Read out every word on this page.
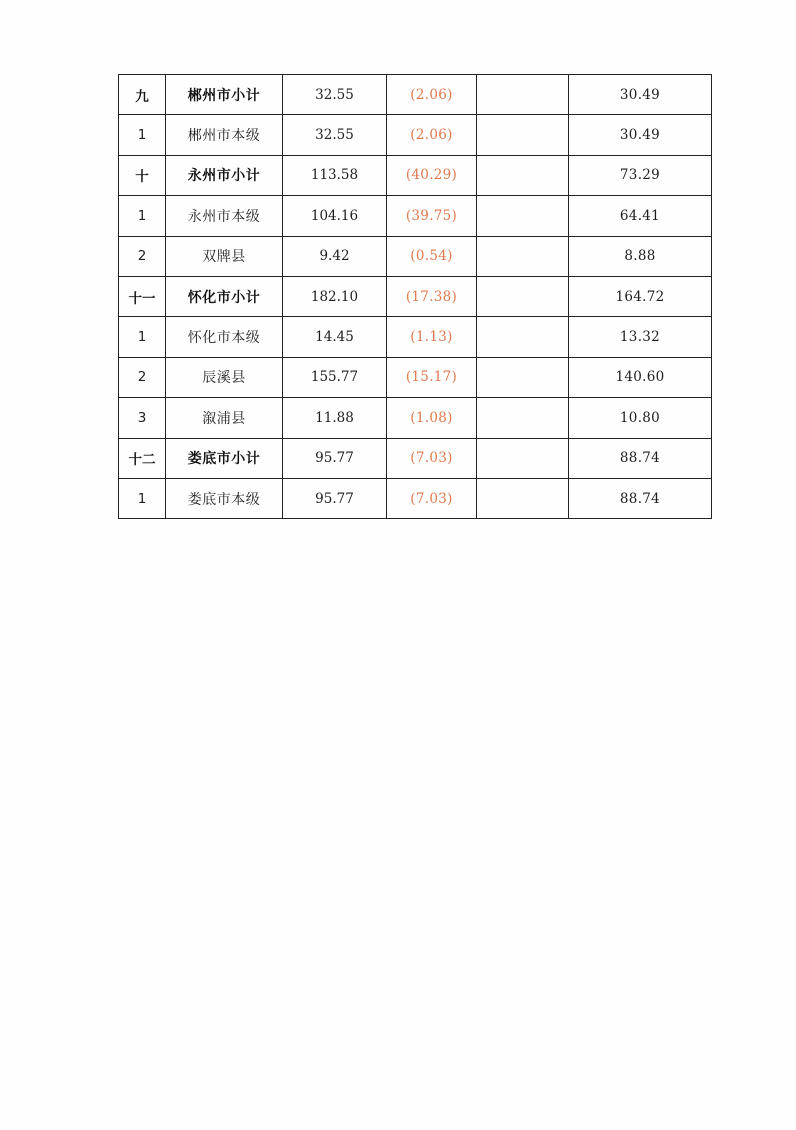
九	郴州市小计	32.55	(2.06)		30.49
1	郴州市本级	32.55	(2.06)		30.49
十	永州市小计	113.58	(40.29)		73.29
1	永州市本级	104.16	(39.75)		64.41
2	双牌县	9.42	(0.54)		8.88
十一	怀化市小计	182.10	(17.38)		164.72
1	怀化市本级	14.45	(1.13)		13.32
2	辰溪县	155.77	(15.17)		140.60
3	溆浦县	11.88	(1.08)		10.80
十二	娄底市小计	95.77	(7.03)		88.74
1	娄底市本级	95.77	(7.03)		88.74
